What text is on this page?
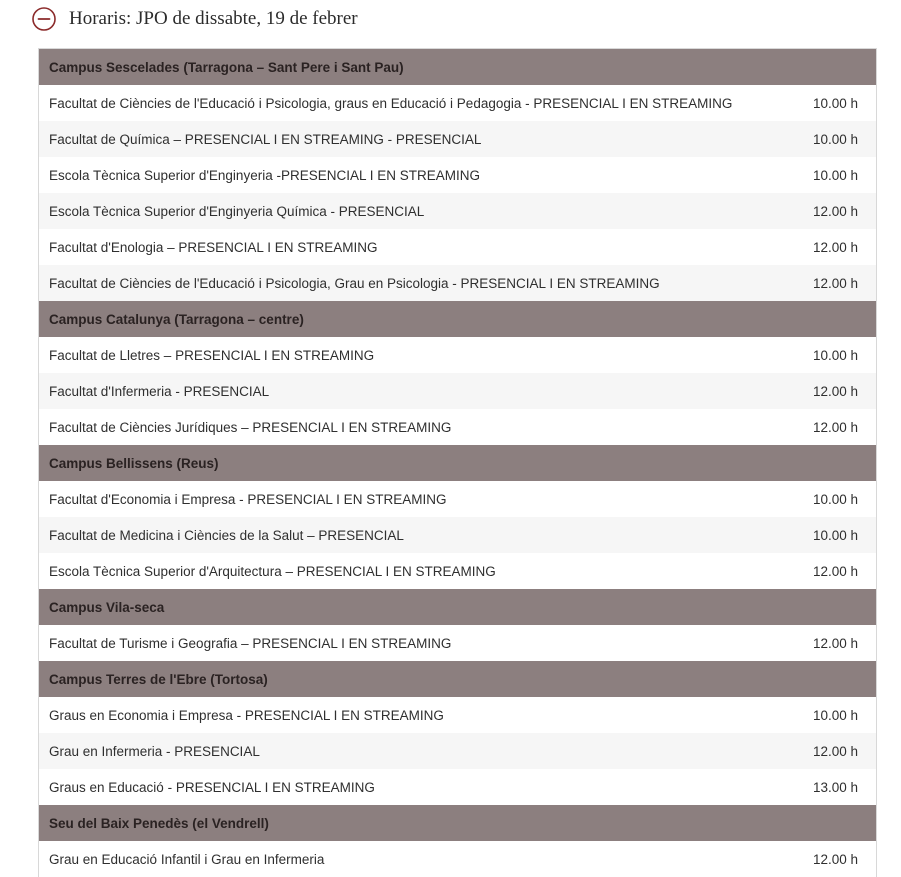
Horaris: JPO de dissabte, 19 de febrer
Campus Sescelades (Tarragona – Sant Pere i Sant Pau)
Facultat de Ciències de l'Educació i Psicologia, graus en Educació i Pedagogia - PRESENCIAL I EN STREAMING	10.00 h
Facultat de Química – PRESENCIAL I EN STREAMING - PRESENCIAL	10.00 h
Escola Tècnica Superior d'Enginyeria -PRESENCIAL I EN STREAMING	10.00 h
Escola Tècnica Superior d'Enginyeria Química - PRESENCIAL	12.00 h
Facultat d'Enologia – PRESENCIAL I EN STREAMING	12.00 h
Facultat de Ciències de l'Educació i Psicologia, Grau en Psicologia - PRESENCIAL I EN STREAMING	12.00 h
Campus Catalunya (Tarragona – centre)
Facultat de Lletres – PRESENCIAL I EN STREAMING	10.00 h
Facultat d'Infermeria - PRESENCIAL	12.00 h
Facultat de Ciències Jurídiques – PRESENCIAL I EN STREAMING	12.00 h
Campus Bellissens (Reus)
Facultat d'Economia i Empresa - PRESENCIAL I EN STREAMING	10.00 h
Facultat de Medicina i Ciències de la Salut – PRESENCIAL	10.00 h
Escola Tècnica Superior d'Arquitectura – PRESENCIAL I EN STREAMING	12.00 h
Campus Vila-seca
Facultat de Turisme i Geografia – PRESENCIAL I EN STREAMING	12.00 h
Campus Terres de l'Ebre (Tortosa)
Graus en Economia i Empresa - PRESENCIAL I EN STREAMING	10.00 h
Grau en Infermeria - PRESENCIAL	12.00 h
Graus en Educació - PRESENCIAL I EN STREAMING	13.00 h
Seu del Baix Penedès (el Vendrell)
Grau en Educació Infantil i Grau en Infermeria	12.00 h
